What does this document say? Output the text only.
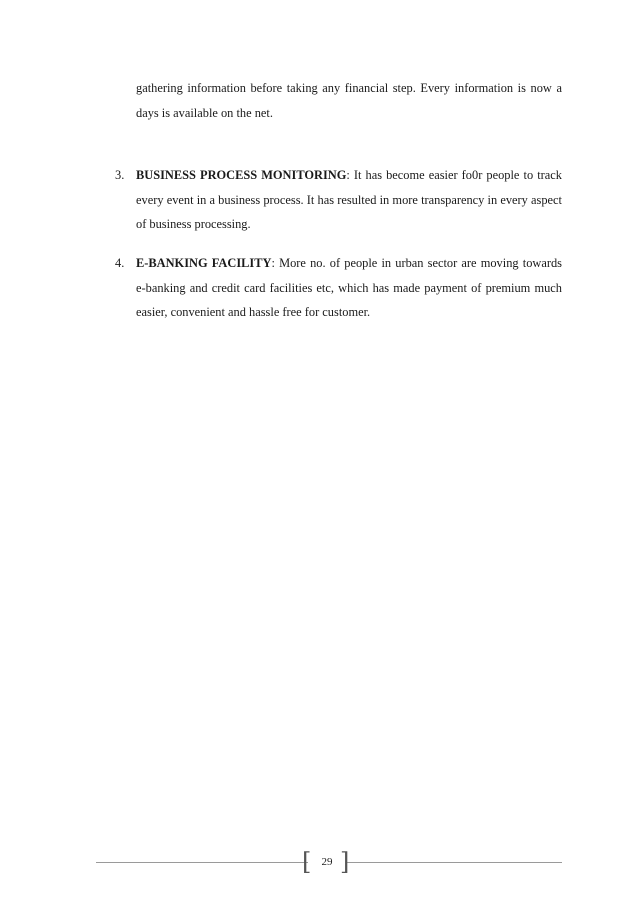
gathering information before taking any financial step. Every information is now a days is available on the net.

3. BUSINESS PROCESS MONITORING: It has become easier fo0r people to track every event in a business process. It has resulted in more transparency in every aspect of business processing.
4. E-BANKING FACILITY: More no. of people in urban sector are moving towards e-banking and credit card facilities etc, which has made payment of premium much easier, convenient and hassle free for customer.
[ ]
29
